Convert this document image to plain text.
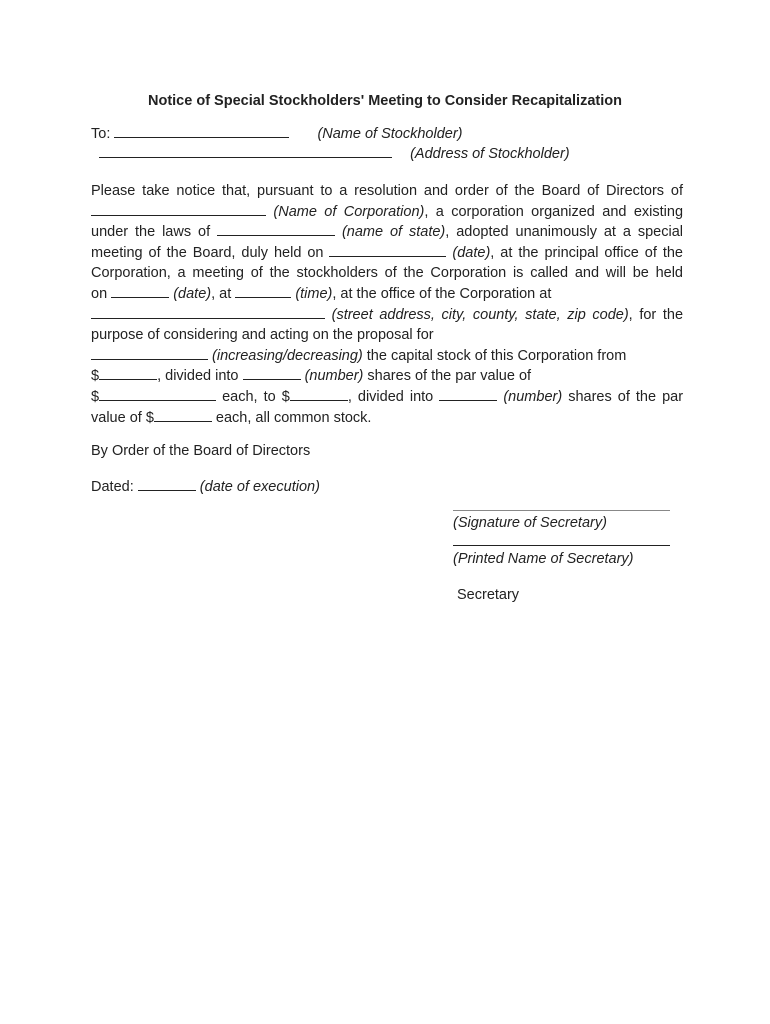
Notice of Special Stockholders' Meeting to Consider Recapitalization
To:	(Name of Stockholder)
(Address of Stockholder)
Please take notice that, pursuant to a resolution and order of the Board of Directors of
(Name of Corporation), a corporation organized and existing
under the laws of	(name of state), adopted unanimously at a special
meeting of the Board, duly held on	(date), at the principal office of the
Corporation, a meeting of the stockholders of the Corporation is called and will be held
on	(date), at	(time), at the office of the Corporation at
(street address, city, county, state, zip code), for the
purpose of considering and acting on the proposal for
(increasing/decreasing) the capital stock of this Corporation from
$	, divided into	(number) shares of the par value of
$	each, to $	, divided into	(number) shares of the par
value of $	each, all common stock.
By Order of the Board of Directors
Dated:	(date of execution)
(Signature of Secretary)
(Printed Name of Secretary)
Secretary
